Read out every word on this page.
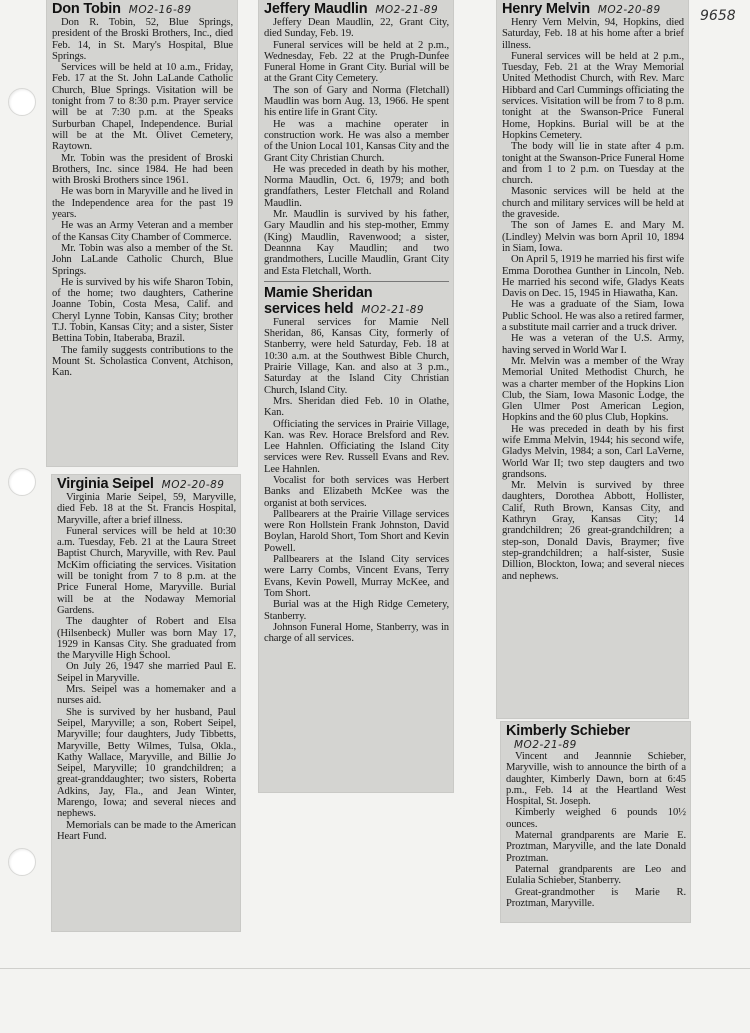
9658
Don Tobin MO2-16-89

Don R. Tobin, 52, Blue Springs, president of the Broski Brothers, Inc., died Feb. 14, in St. Mary's Hospital, Blue Springs.

Services will be held at 10 a.m., Friday, Feb. 17 at the St. John LaLande Catholic Church, Blue Springs. Visitation will be tonight from 7 to 8:30 p.m. Prayer service will be at 7:30 p.m. at the Speaks Surburban Chapel, Independence. Burial will be at the Mt. Olivet Cemetery, Raytown.

Mr. Tobin was the president of Broski Brothers, Inc. since 1984. He had been with Broski Brothers since 1961.

He was born in Maryville and he lived in the Independence area for the past 19 years.

He was an Army Veteran and a member of the Kansas City Chamber of Commerce.

Mr. Tobin was also a member of the St. John LaLande Catholic Church, Blue Springs.

He is survived by his wife Sharon Tobin, of the home; two daughters, Catherine Joanne Tobin, Costa Mesa, Calif. and Cheryl Lynne Tobin, Kansas City; brother T.J. Tobin, Kansas City; and a sister, Sister Bettina Tobin, Itaberaba, Brazil.

The family suggests contributions to the Mount St. Scholastica Convent, Atchison, Kan.

Virginia Seipel MO2-20-89

Virginia Marie Seipel, 59, Maryville, died Feb. 18 at the St. Francis Hospital, Maryville, after a brief illness.

Funeral services will be held at 10:30 a.m. Tuesday, Feb. 21 at the Laura Street Baptist Church, Maryville, with Rev. Paul McKim officiating the services. Visitation will be tonight from 7 to 8 p.m. at the Price Funeral Home, Maryville. Burial will be at the Nodaway Memorial Gardens.

The daughter of Robert and Elsa (Hilsenbeck) Muller was born May 17, 1929 in Kansas City. She graduated from the Maryville High School.

On July 26, 1947 she married Paul E. Seipel in Maryville.

Mrs. Seipel was a homemaker and a nurses aid.

She is survived by her husband, Paul Seipel, Maryville; a son, Robert Seipel, Maryville; four daughters, Judy Tibbetts, Maryville, Betty Wilmes, Tulsa, Okla., Kathy Wallace, Maryville, and Billie Jo Seipel, Maryville; 10 grandchildren; a great-granddaughter; two sisters, Roberta Adkins, Jay, Fla., and Jean Winter, Marengo, Iowa; and several nieces and nephews.

Memorials can be made to the American Heart Fund.

Jeffery Maudlin MO2-21-89

Jeffery Dean Maudlin, 22, Grant City, died Sunday, Feb. 19.

Funeral services will be held at 2 p.m., Wednesday, Feb. 22 at the Prugh-Dunfee Funeral Home in Grant City. Burial will be at the Grant City Cemetery.

The son of Gary and Norma (Fletchall) Maudlin was born Aug. 13, 1966. He spent his entire life in Grant City.

He was a machine operater in construction work. He was also a member of the Union Local 101, Kansas City and the Grant City Christian Church.

He was preceded in death by his mother, Norma Maudlin, Oct. 6, 1979; and both grandfathers, Lester Fletchall and Roland Maudlin.

Mr. Maudlin is survived by his father, Gary Maudlin and his step-mother, Emmy (King) Maudlin, Ravenwood; a sister, Deannna Kay Maudlin; and two grandmothers, Lucille Maudlin, Grant City and Esta Fletchall, Worth.

Mamie Sheridan
services held MO2-21-89

Funeral services for Mamie Nell Sheridan, 86, Kansas City, formerly of Stanberry, were held Saturday, Feb. 18 at 10:30 a.m. at the Southwest Bible Church, Prairie Village, Kan. and also at 3 p.m., Saturday at the Island City Christian Church, Island City.

Mrs. Sheridan died Feb. 10 in Olathe, Kan.

Officiating the services in Prairie Village, Kan. was Rev. Horace Brelsford and Rev. Lee Hahnlen. Officiating the Island City services were Rev. Russell Evans and Rev. Lee Hahnlen.

Vocalist for both services was Herbert Banks and Elizabeth McKee was the organist at both services.

Pallbearers at the Prairie Village services were Ron Hollstein Frank Johnston, David Boylan, Harold Short, Tom Short and Kevin Powell.

Pallbearers at the Island City services were Larry Combs, Vincent Evans, Terry Evans, Kevin Powell, Murray McKee, and Tom Short.

Burial was at the High Ridge Cemetery, Stanberry.

Johnson Funeral Home, Stanberry, was in charge of all services.

Henry Melvin MO2-20-89

Henry Vern Melvin, 94, Hopkins, died Saturday, Feb. 18 at his home after a brief illness.

Funeral services will be held at 2 p.m., Tuesday, Feb. 21 at the Wray Memorial United Methodist Church, with Rev. Marc Hibbard and Carl Cummings officiating the services. Visitation will be from 7 to 8 p.m. tonight at the Swanson-Price Funeral Home, Hopkins. Burial will be at the Hopkins Cemetery.

The body will lie in state after 4 p.m. tonight at the Swanson-Price Funeral Home and from 1 to 2 p.m. on Tuesday at the church.

Masonic services will be held at the church and military services will be held at the graveside.

The son of James E. and Mary M. (Lindley) Melvin was born April 10, 1894 in Siam, Iowa.

On April 5, 1919 he married his first wife Emma Dorothea Gunther in Lincoln, Neb. He married his second wife, Gladys Keats Davis on Dec. 15, 1945 in Hiawatha, Kan.

He was a graduate of the Siam, Iowa Public School. He was also a retired farmer, a substitute mail carrier and a truck driver.

He was a veteran of the U.S. Army, having served in World War I.

Mr. Melvin was a member of the Wray Memorial United Methodist Church, he was a charter member of the Hopkins Lion Club, the Siam, Iowa Masonic Lodge, the Glen Ulmer Post American Legion, Hopkins and the 60 plus Club, Hopkins.

He was preceded in death by his first wife Emma Melvin, 1944; his second wife, Gladys Melvin, 1984; a son, Carl LaVerne, World War II; two step daugters and two grandsons.

Mr. Melvin is survived by three daughters, Dorothea Abbott, Hollister, Calif, Ruth Brown, Kansas City, and Kathryn Gray, Kansas City; 14 grandchildren; 26 great-grandchildren; a step-son, Donald Davis, Braymer; five step-grandchildren; a half-sister, Susie Dillion, Blockton, Iowa; and several nieces and nephews.

Kimberly Schieber
MO2-21-89

Vincent and Jeannnie Schieber, Maryville, wish to announce the birth of a daughter, Kimberly Dawn, born at 6:45 p.m., Feb. 14 at the Heartland West Hospital, St. Joseph.

Kimberly weighed 6 pounds 10½ ounces.

Maternal grandparents are Marie E. Proztman, Maryville, and the late Donald Proztman.

Paternal grandparents are Leo and Eulalia Schieber, Stanberry.

Great-grandmother is Marie R. Proztman, Maryville.
